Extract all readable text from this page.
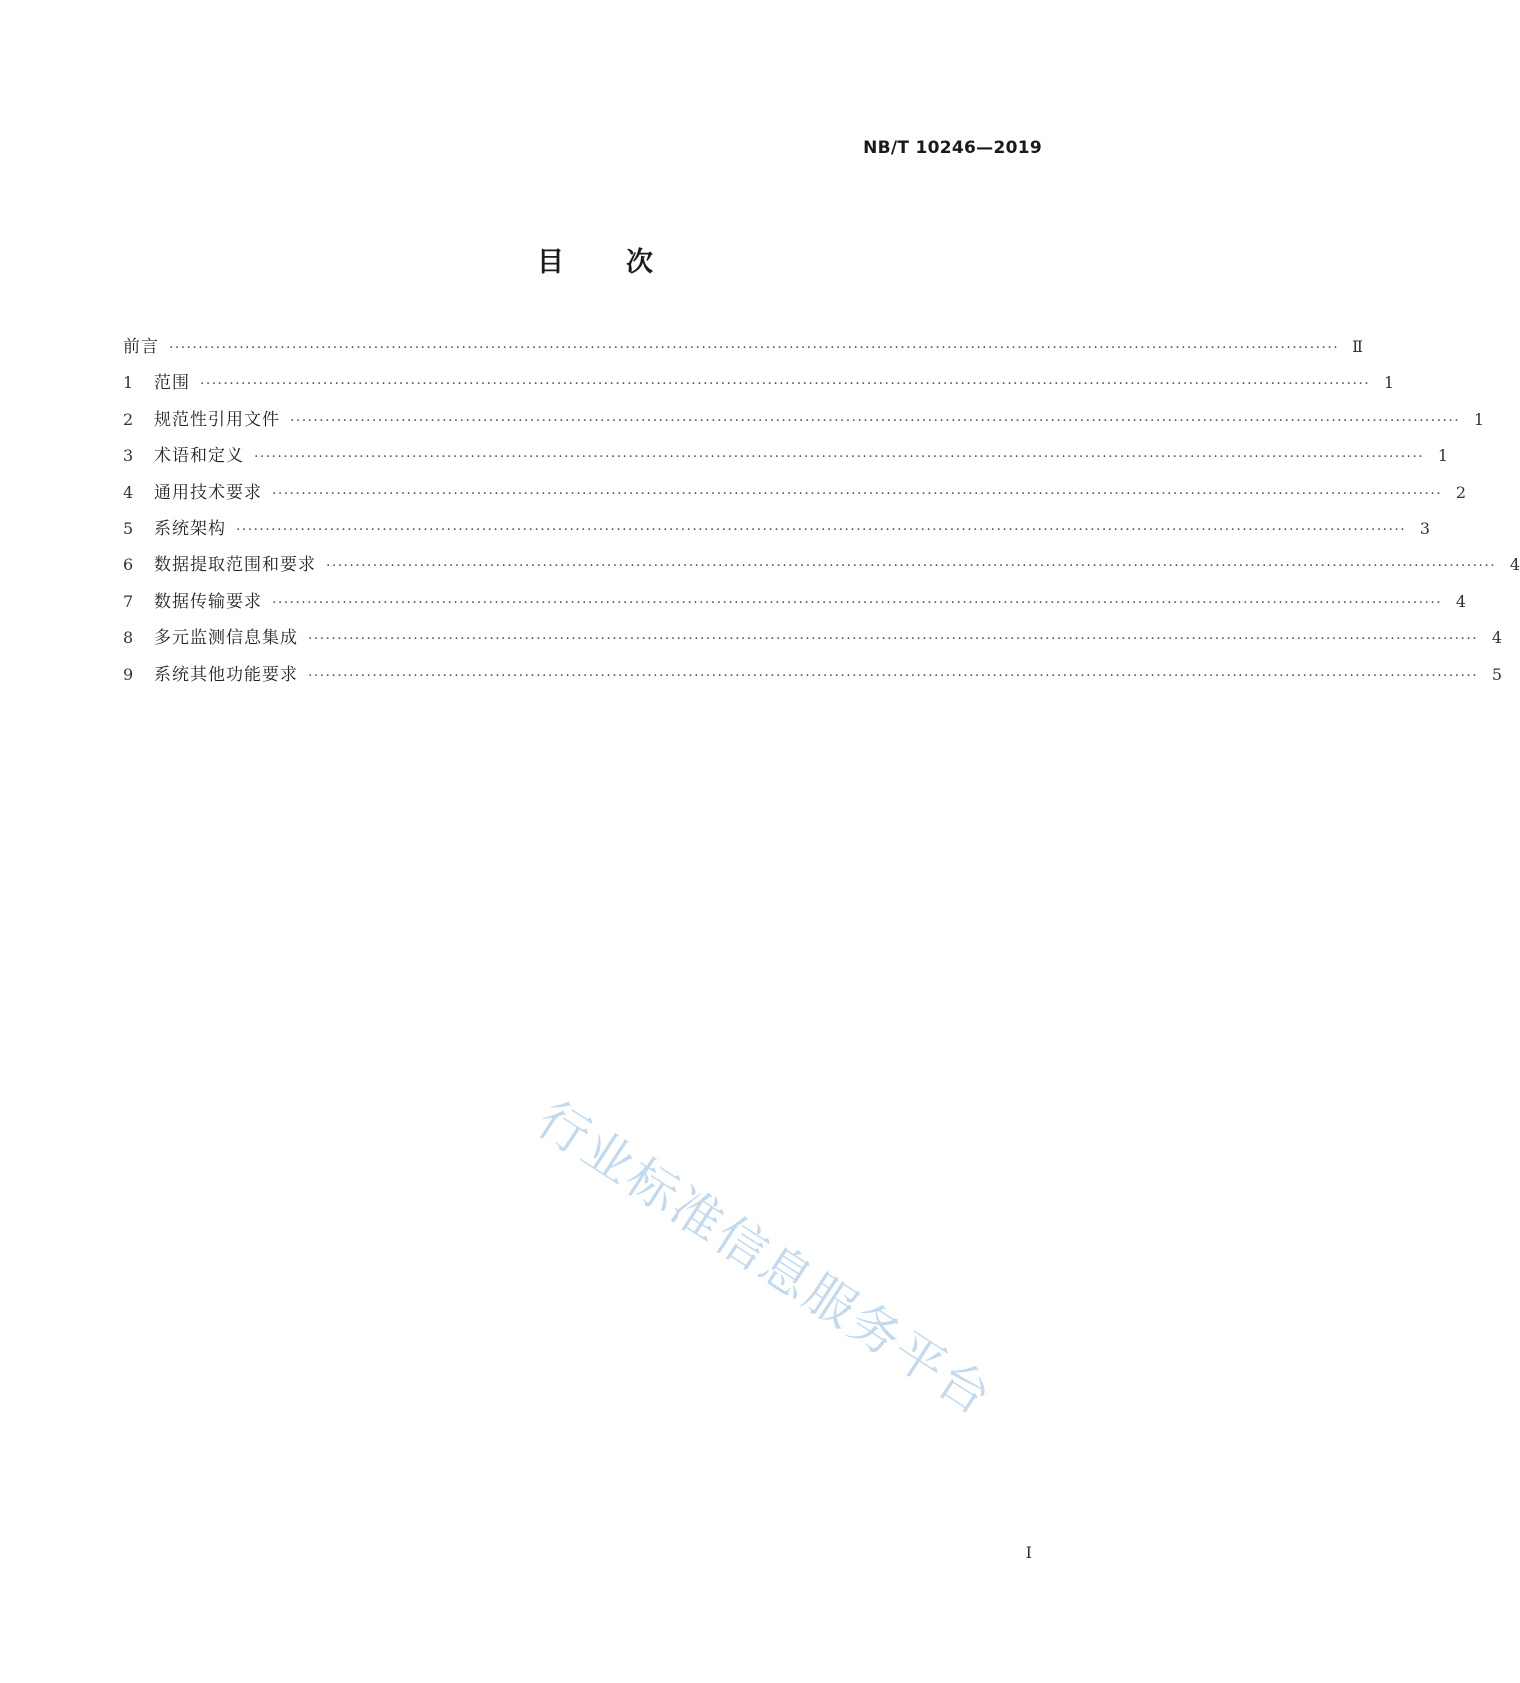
NB/T 10246—2019
目次
前言 ········································································································································································································ Ⅱ
1	范围 ········································································································································································································ 1
2	规范性引用文件 ········································································································································································································ 1
3	术语和定义 ········································································································································································································ 1
4	通用技术要求 ········································································································································································································ 2
5	系统架构 ········································································································································································································ 3
6	数据提取范围和要求 ········································································································································································································ 4
7	数据传输要求 ········································································································································································································ 4
8	多元监测信息集成 ········································································································································································································ 4
9	系统其他功能要求 ········································································································································································································ 5
行业标准信息服务平台
I
